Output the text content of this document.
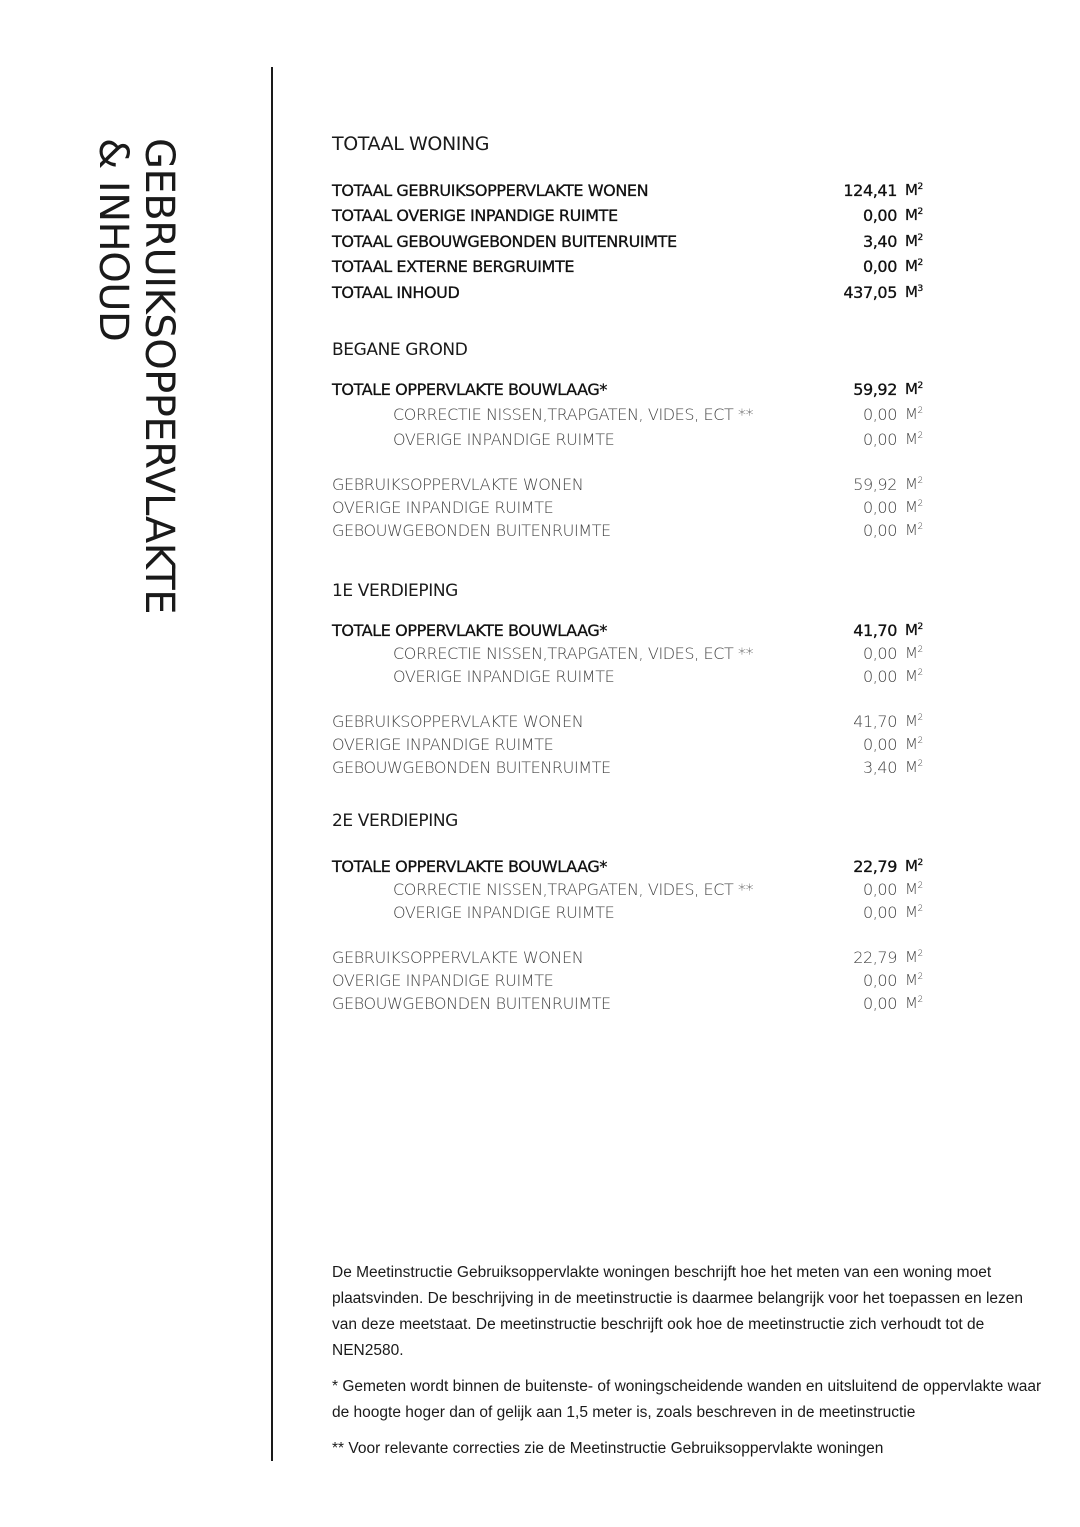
GEBRUIKSOPPERVLAKTE
& INHOUD	TOTAAL WONING
TOTAAL GEBRUIKSOPPERVLAKTE WONEN	124,41 $M^2$
TOTAAL OVERIGE INPANDIGE RUIMTE	0,00 $M^2$
TOTAAL GEBOUWGEBONDEN BUITENRUIMTE	3,40 $M^2$
TOTAAL EXTERNE BERGRUIMTE	0,00 $M^2$
TOTAAL INHOUD	437,05 $M^3$
BEGANE GROND
TOTALE OPPERVLAKTE BOUWLAAG*	59,92 $M^2$
CORRECTIE NISSEN,TRAPGATEN, VIDES, ECT **	0,00 $M^2$
OVERIGE INPANDIGE RUIMTE	0,00 $M^2$
GEBRUIKSOPPERVLAKTE WONEN	59,92 $M^2$
OVERIGE INPANDIGE RUIMTE	0,00 $M^2$
GEBOUWGEBONDEN BUITENRUIMTE	0,00 $M^2$
1E VERDIEPING
TOTALE OPPERVLAKTE BOUWLAAG*	41,70 $M^2$
CORRECTIE NISSEN,TRAPGATEN, VIDES, ECT **	0,00 $M^2$
OVERIGE INPANDIGE RUIMTE	0,00 $M^2$
GEBRUIKSOPPERVLAKTE WONEN	41,70 $M^2$
OVERIGE INPANDIGE RUIMTE	0,00 $M^2$
GEBOUWGEBONDEN BUITENRUIMTE	3,40 $M^2$
2E VERDIEPING
TOTALE OPPERVLAKTE BOUWLAAG*	22,79 $M^2$
CORRECTIE NISSEN,TRAPGATEN, VIDES, ECT **	0,00 $M^2$
OVERIGE INPANDIGE RUIMTE	0,00 $M^2$
GEBRUIKSOPPERVLAKTE WONEN	22,79 $M^2$
OVERIGE INPANDIGE RUIMTE	0,00 $M^2$
GEBOUWGEBONDEN BUITENRUIMTE	0,00 $M^2$

De Meetinstructie Gebruiksoppervlakte woningen beschrijft hoe het meten van een woning moet plaatsvinden. De beschrijving in de meetinstructie is daarmee belangrijk voor het toepassen en lezen van deze meetstaat. De meetinstructie beschrijft ook hoe de meetinstructie zich verhoudt tot de NEN2580.

* Gemeten wordt binnen de buitenste- of woningscheidende wanden en uitsluitend de oppervlakte waar de hoogte hoger dan of gelijk aan 1,5 meter is, zoals beschreven in de meetinstructie

** Voor relevante correcties zie de Meetinstructie Gebruiksoppervlakte woningen
